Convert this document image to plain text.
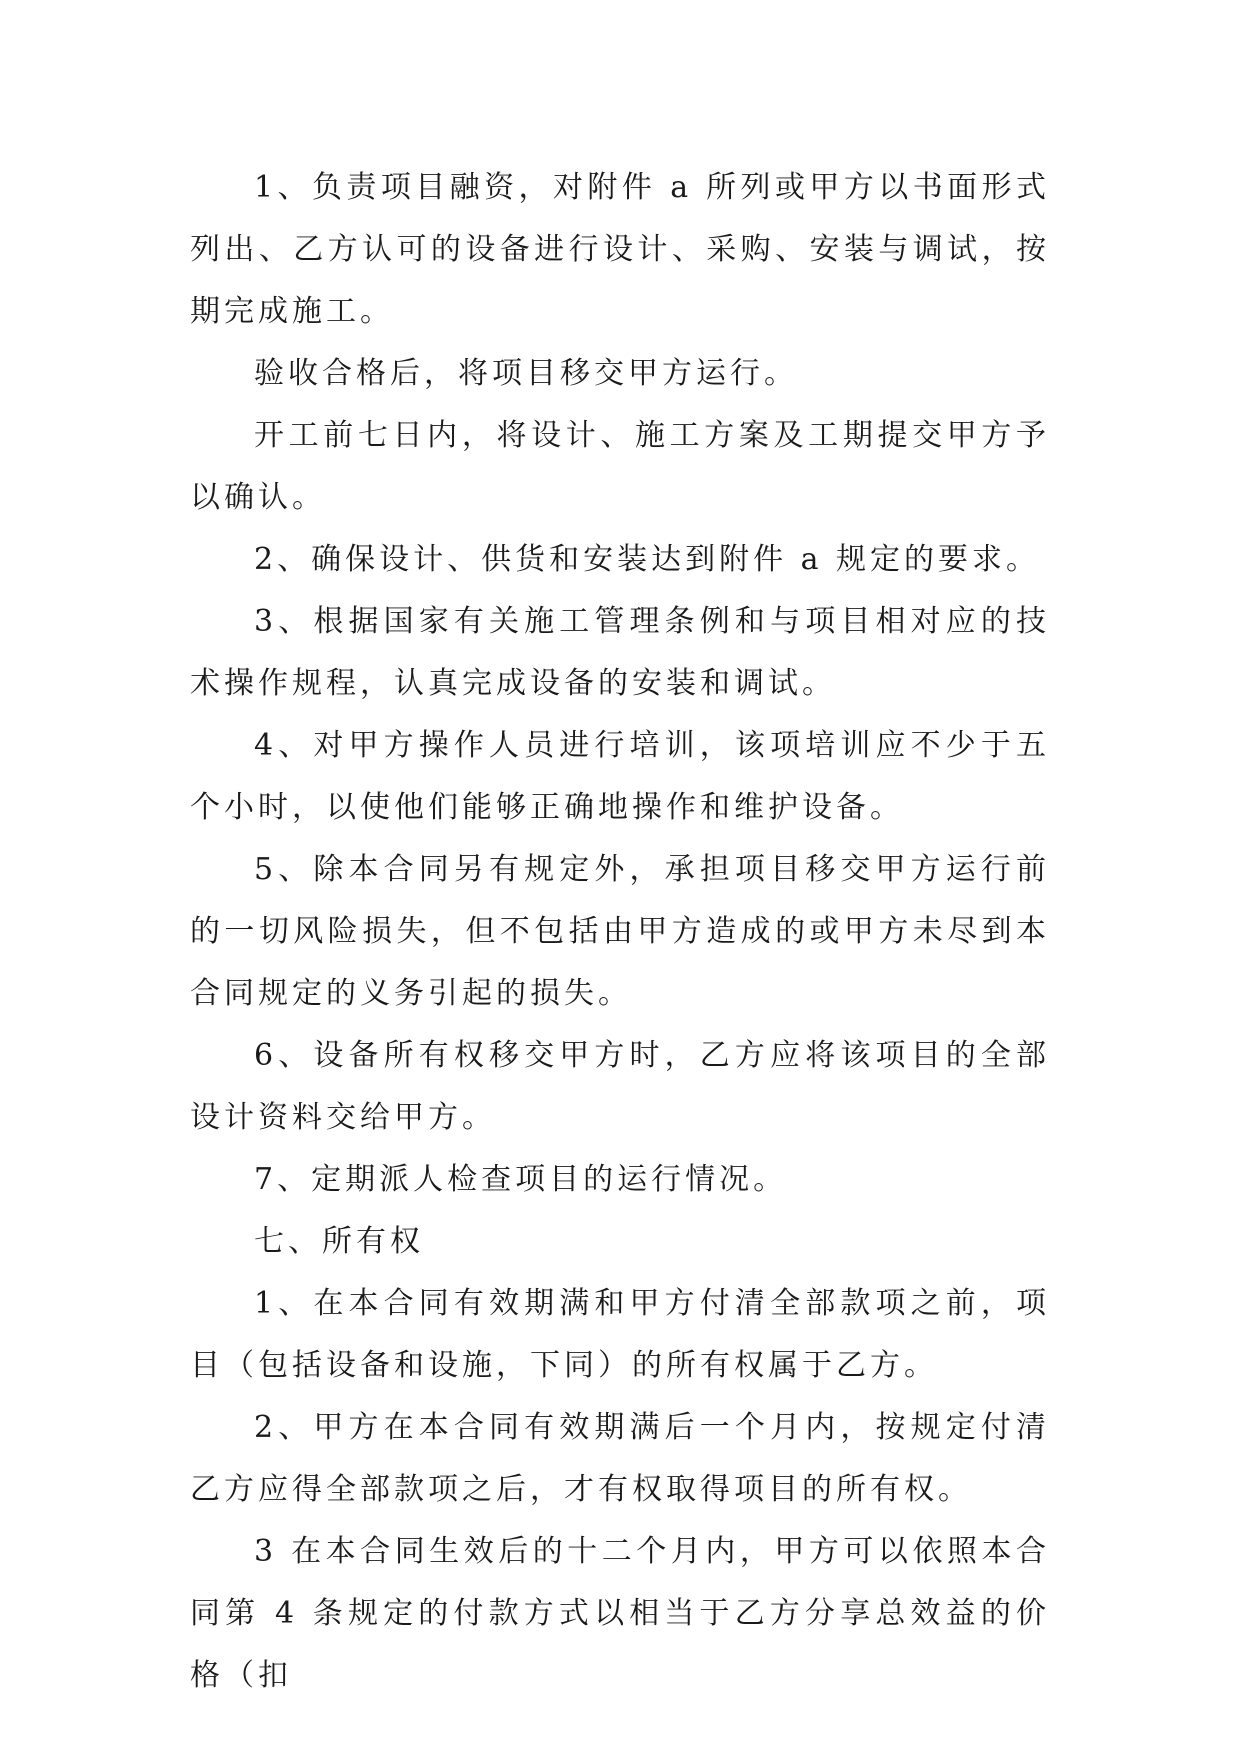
1、负责项目融资，对附件 a 所列或甲方以书面形式列出、乙方认可的设备进行设计、采购、安装与调试，按期完成施工。

验收合格后，将项目移交甲方运行。

开工前七日内，将设计、施工方案及工期提交甲方予以确认。

2、确保设计、供货和安装达到附件 a 规定的要求。

3、根据国家有关施工管理条例和与项目相对应的技术操作规程，认真完成设备的安装和调试。

4、对甲方操作人员进行培训，该项培训应不少于五个小时，以使他们能够正确地操作和维护设备。

5、除本合同另有规定外，承担项目移交甲方运行前的一切风险损失，但不包括由甲方造成的或甲方未尽到本合同规定的义务引起的损失。

6、设备所有权移交甲方时，乙方应将该项目的全部设计资料交给甲方。

7、定期派人检查项目的运行情况。

七、所有权

1、在本合同有效期满和甲方付清全部款项之前，项目（包括设备和设施，下同）的所有权属于乙方。

2、甲方在本合同有效期满后一个月内，按规定付清乙方应得全部款项之后，才有权取得项目的所有权。

3 在本合同生效后的十二个月内，甲方可以依照本合同第 4 条规定的付款方式以相当于乙方分享总效益的价格（扣
